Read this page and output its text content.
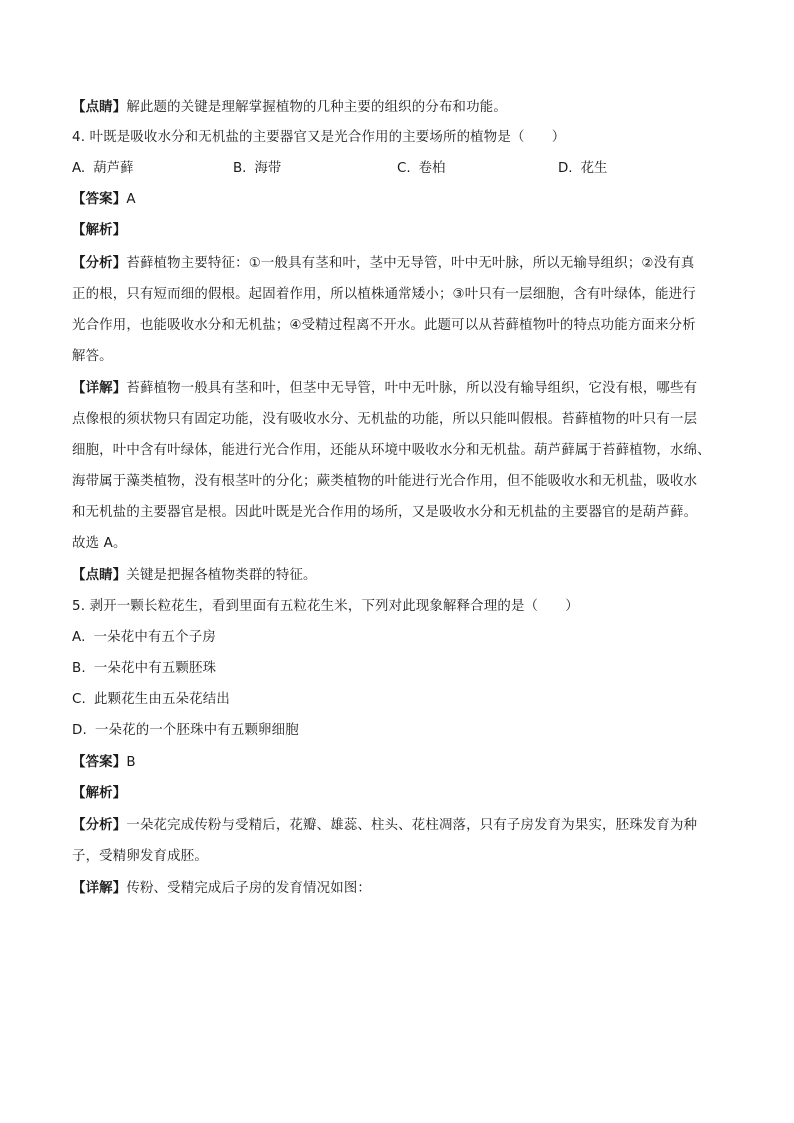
【点睛】解此题的关键是理解掌握植物的几种主要的组织的分布和功能。
4. 叶既是吸收水分和无机盐的主要器官又是光合作用的主要场所的植物是（　　）
A. 葫芦藓	B. 海带	C. 卷柏	D. 花生
【答案】A
【解析】
【分析】苔藓植物主要特征：①一般具有茎和叶，茎中无导管，叶中无叶脉，所以无输导组织；②没有真
正的根，只有短而细的假根。起固着作用，所以植株通常矮小；③叶只有一层细胞，含有叶绿体，能进行
光合作用，也能吸收水分和无机盐；④受精过程离不开水。此题可以从苔藓植物叶的特点功能方面来分析
解答。
【详解】苔藓植物一般具有茎和叶，但茎中无导管，叶中无叶脉，所以没有输导组织，它没有根，哪些有
点像根的须状物只有固定功能，没有吸收水分、无机盐的功能，所以只能叫假根。苔藓植物的叶只有一层
细胞，叶中含有叶绿体，能进行光合作用，还能从环境中吸收水分和无机盐。葫芦藓属于苔藓植物，水绵、
海带属于藻类植物，没有根茎叶的分化；蕨类植物的叶能进行光合作用，但不能吸收水和无机盐，吸收水
和无机盐的主要器官是根。因此叶既是光合作用的场所，又是吸收水分和无机盐的主要器官的是葫芦藓。
故选 A。
【点睛】关键是把握各植物类群的特征。
5. 剥开一颗长粒花生，看到里面有五粒花生米，下列对此现象解释合理的是（　　）
A. 一朵花中有五个子房
B. 一朵花中有五颗胚珠
C. 此颗花生由五朵花结出
D. 一朵花的一个胚珠中有五颗卵细胞
【答案】B
【解析】
【分析】一朵花完成传粉与受精后，花瓣、雄蕊、柱头、花柱凋落，只有子房发育为果实，胚珠发育为种
子，受精卵发育成胚。
【详解】传粉、受精完成后子房的发育情况如图：
